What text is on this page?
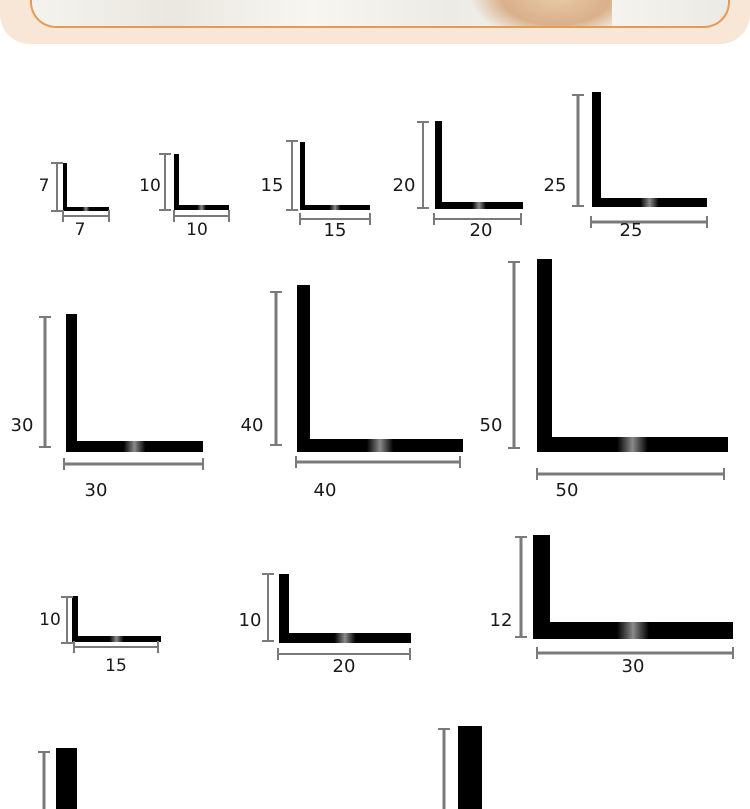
7
7
10
10
15
15
20
20
25
25
30
30
40
40
50
50
10
15
10
20
12
30
